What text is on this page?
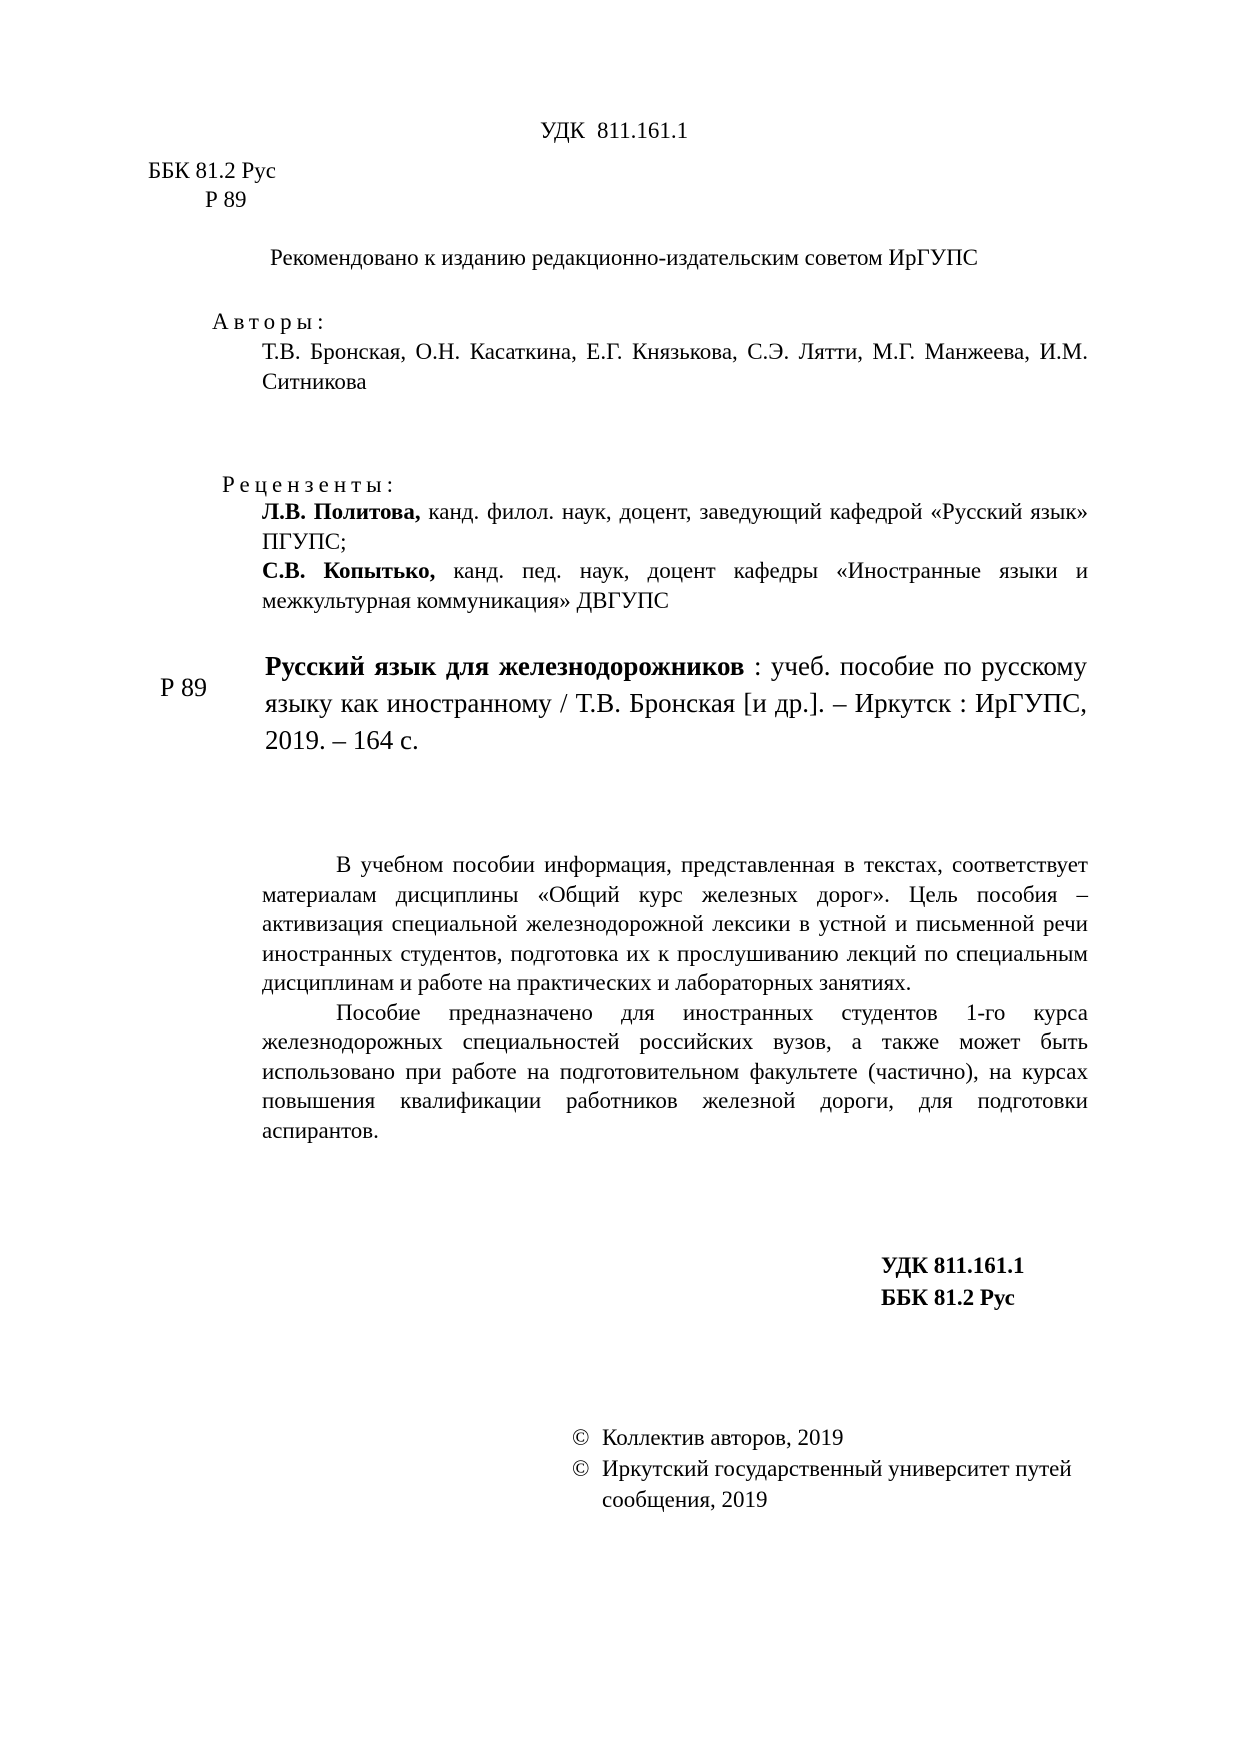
УДК 811.161.1
ББК 81.2 Рус
Р 89
Рекомендовано к изданию редакционно-издательским советом ИрГУПС
Авторы:
Т.В. Бронская, О.Н. Касаткина, Е.Г. Князькова, С.Э. Лятти, М.Г. Манжеева, И.М. Ситникова
Рецензенты:
Л.В. Политова, канд. филол. наук, доцент, заведующий кафедрой «Русский язык» ПГУПС;
С.В. Копытько, канд. пед. наук, доцент кафедры «Иностранные языки и межкультурная коммуникация» ДВГУПС
Р 89
Русский язык для железнодорожников : учеб. пособие по русскому языку как иностранному / Т.В. Бронская [и др.]. – Иркутск : ИрГУПС, 2019. – 164 с.

В учебном пособии информация, представленная в текстах, соответствует материалам дисциплины «Общий курс железных дорог». Цель пособия – активизация специальной железнодорожной лексики в устной и письменной речи иностранных студентов, подготовка их к прослушиванию лекций по специальным дисциплинам и работе на практических и лабораторных занятиях.

Пособие предназначено для иностранных студентов 1-го курса железнодорожных специальностей российских вузов, а также может быть использовано при работе на подготовительном факультете (частично), на курсах повышения квалификации работников железной дороги, для подготовки аспирантов.

УДК 811.161.1
ББК 81.2 Рус
© Коллектив авторов, 2019
© Иркутский государственный университет путей сообщения, 2019
